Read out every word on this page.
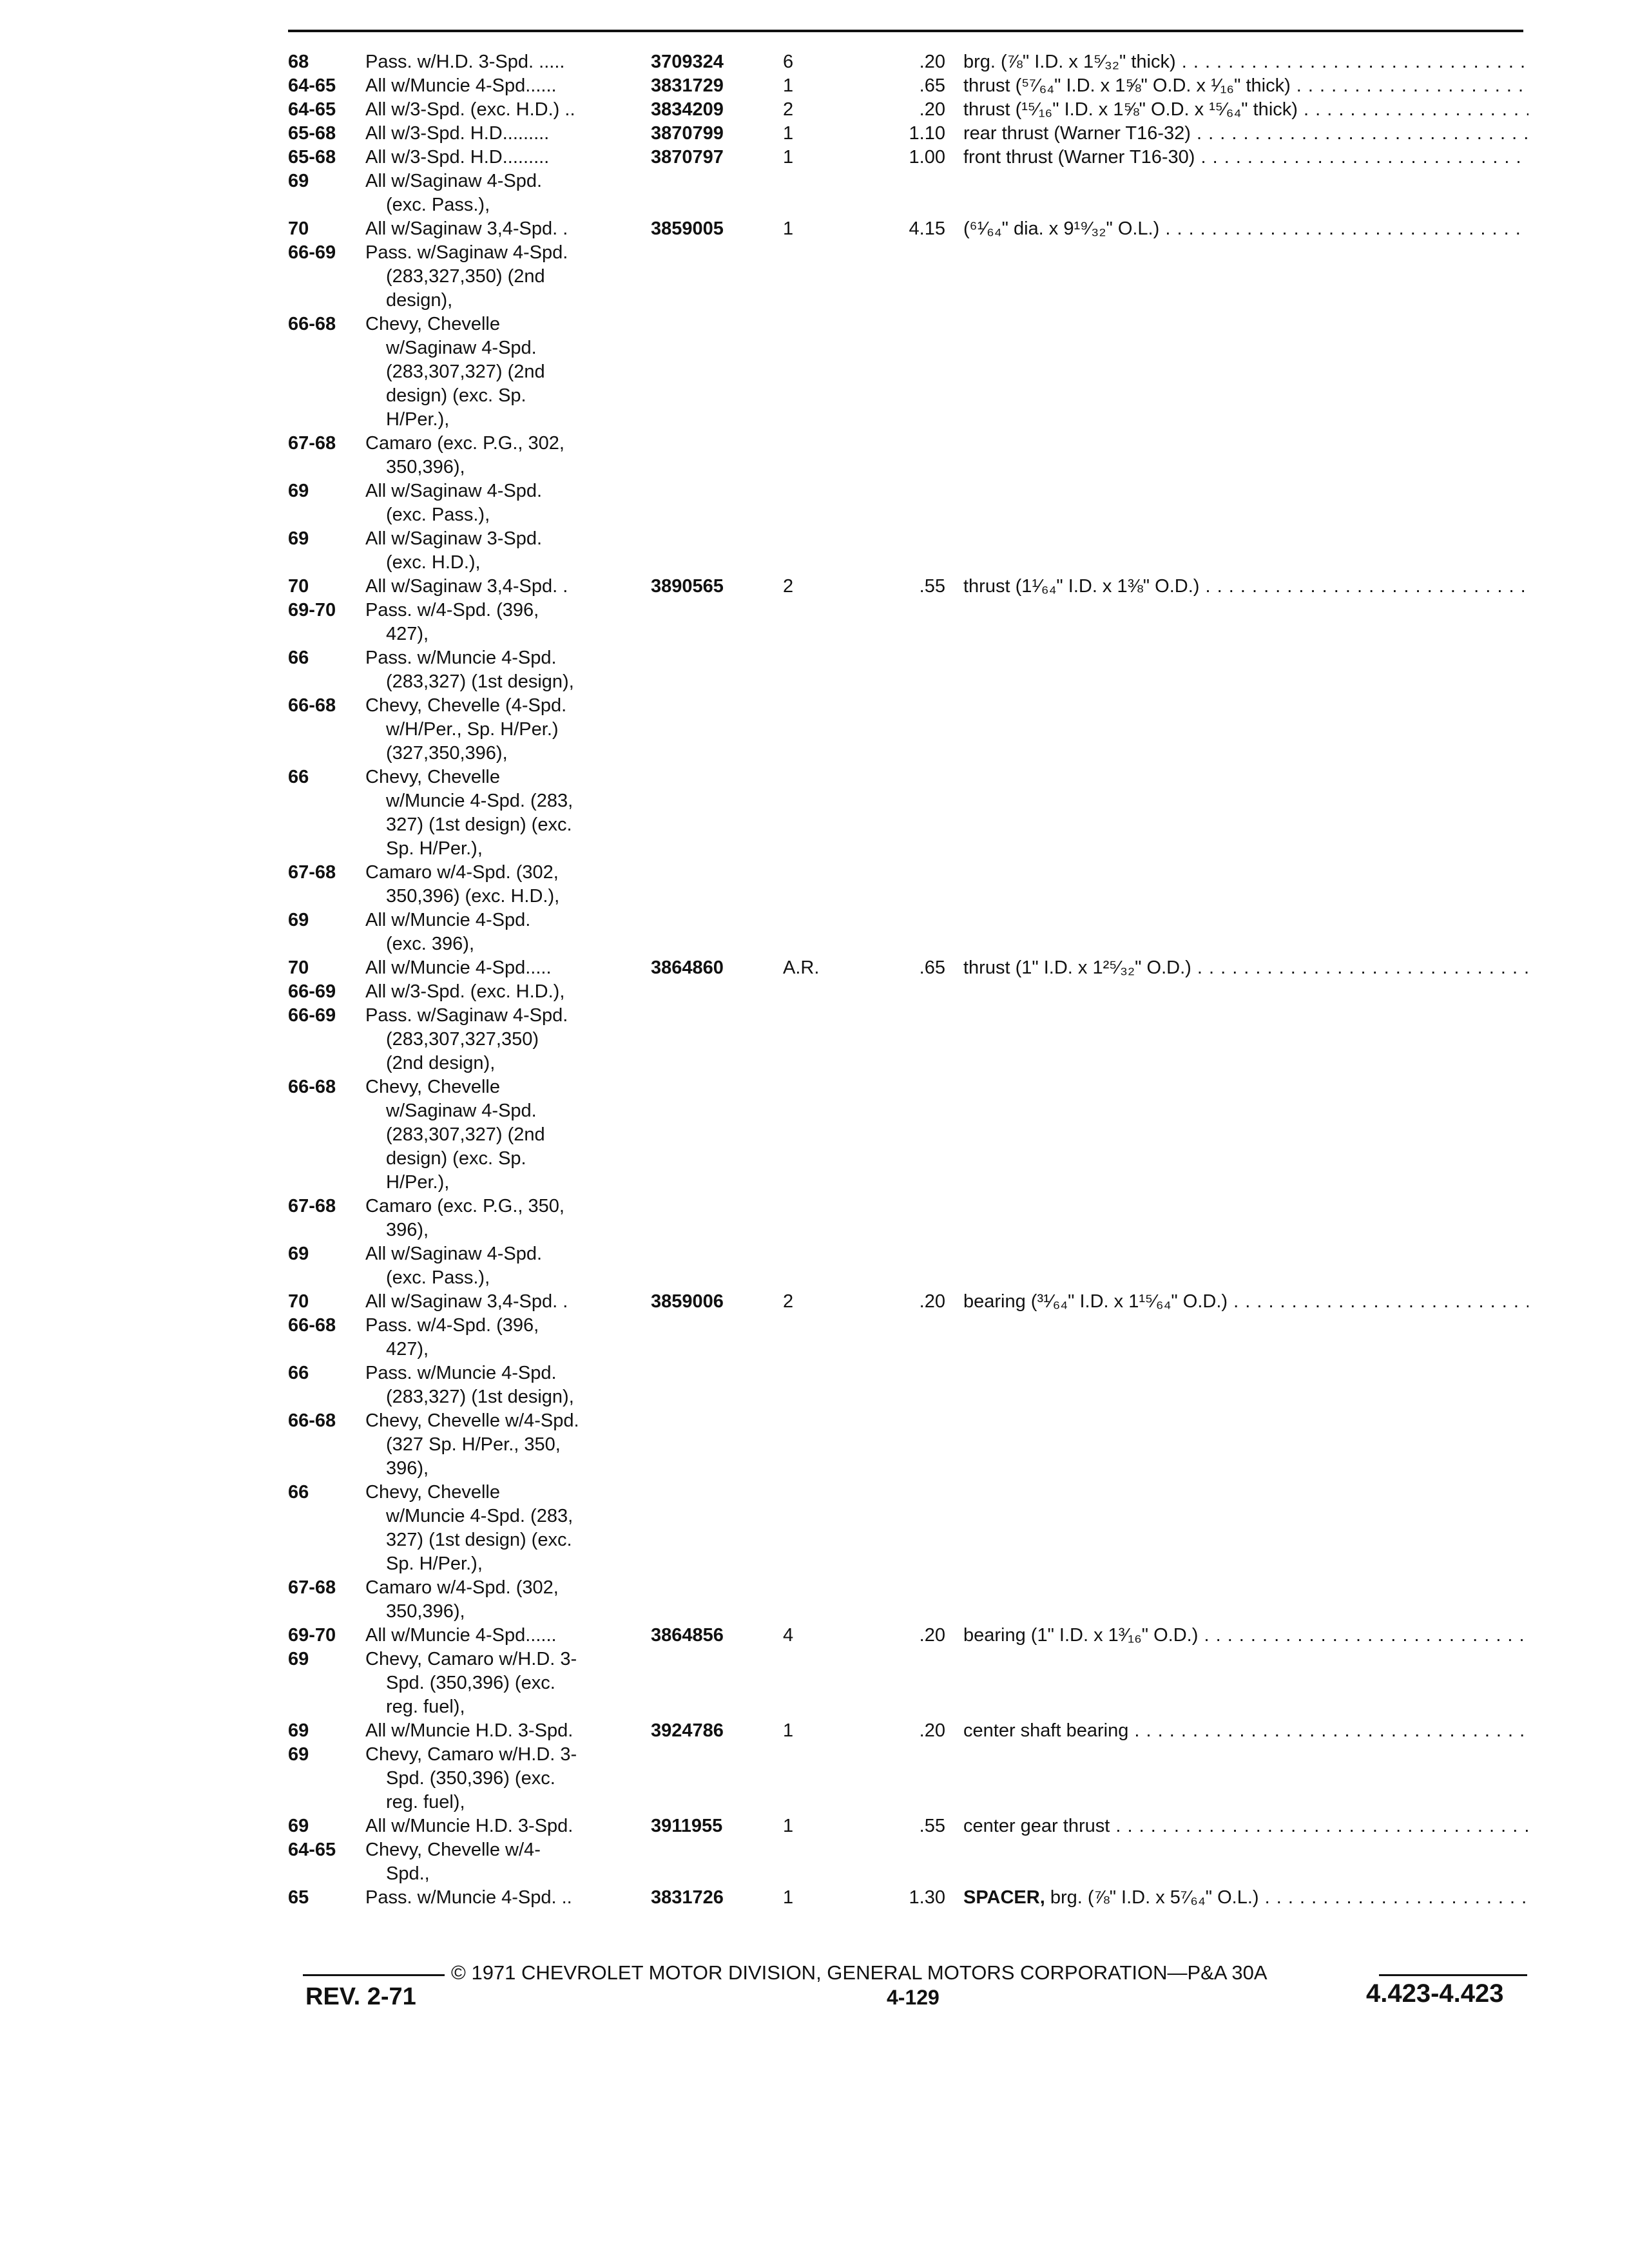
68	Pass. w/H.D. 3-Spd. .....	3709324	6	.20 brg. (⅞" I.D. x 1⁵⁄₃₂" thick) . . .
64-65 All w/Muncie 4-Spd......	3831729	1	.65 thrust (⁵⁷⁄₆₄" I.D. x 1⅝" O.D. x ¹⁄₁₆" thick) . . .
64-65 All w/3-Spd. (exc. H.D.) ..	3834209	2	.20 thrust (¹⁵⁄₁₆" I.D. x 1⅝" O.D. x ¹⁵⁄₆₄" thick) . . .
65-68 All w/3-Spd. H.D.........	3870799	1	1.10 rear thrust (Warner T16-32) . . .
65-68 All w/3-Spd. H.D.........	3870797	1	1.00 front thrust (Warner T16-30) . . .
69	All w/Saginaw 4-Spd.
(exc. Pass.),
70	All w/Saginaw 3,4-Spd. .	3859005	1	4.15 (⁶¹⁄₆₄" dia. x 9¹⁹⁄₃₂" O.L.) . . .
66-69 Pass. w/Saginaw 4-Spd.
(283,327,350) (2nd
design),
66-68 Chevy, Chevelle
w/Saginaw 4-Spd.
(283,307,327) (2nd
design) (exc. Sp.
H/Per.),
67-68 Camaro (exc. P.G., 302,
350,396),
69	All w/Saginaw 4-Spd.
(exc. Pass.),
69	All w/Saginaw 3-Spd.
(exc. H.D.),
70	All w/Saginaw 3,4-Spd. .	3890565	2	.55 thrust (1¹⁄₆₄" I.D. x 1⅜" O.D.) . . .
69-70 Pass. w/4-Spd. (396,
427),
66	Pass. w/Muncie 4-Spd.
(283,327) (1st design),
66-68 Chevy, Chevelle (4-Spd.
w/H/Per., Sp. H/Per.)
(327,350,396),
66	Chevy, Chevelle
w/Muncie 4-Spd. (283,
327) (1st design) (exc.
Sp. H/Per.),
67-68 Camaro w/4-Spd. (302,
350,396) (exc. H.D.),
69	All w/Muncie 4-Spd.
(exc. 396),
70	All w/Muncie 4-Spd.....	3864860	A.R.	.65 thrust (1" I.D. x 1²⁵⁄₃₂" O.D.) . . .
66-69 All w/3-Spd. (exc. H.D.),
66-69 Pass. w/Saginaw 4-Spd.
(283,307,327,350)
(2nd design),
66-68 Chevy, Chevelle
w/Saginaw 4-Spd.
(283,307,327) (2nd
design) (exc. Sp.
H/Per.),
67-68 Camaro (exc. P.G., 350,
396),
69	All w/Saginaw 4-Spd.
(exc. Pass.),
70	All w/Saginaw 3,4-Spd. .	3859006	2	.20 bearing (³¹⁄₆₄" I.D. x 1¹⁵⁄₆₄" O.D.) . . .
66-68 Pass. w/4-Spd. (396,
427),
66	Pass. w/Muncie 4-Spd.
(283,327) (1st design),
66-68 Chevy, Chevelle w/4-Spd.
(327 Sp. H/Per., 350,
396),
66	Chevy, Chevelle
w/Muncie 4-Spd. (283,
327) (1st design) (exc.
Sp. H/Per.),
67-68 Camaro w/4-Spd. (302,
350,396),
69-70 All w/Muncie 4-Spd......	3864856	4	.20 bearing (1" I.D. x 1³⁄₁₆" O.D.) . . .
69	Chevy, Camaro w/H.D. 3-
Spd. (350,396) (exc.
reg. fuel),
69	All w/Muncie H.D. 3-Spd.	3924786	1	.20 center shaft bearing . . .
69	Chevy, Camaro w/H.D. 3-
Spd. (350,396) (exc.
reg. fuel),
69	All w/Muncie H.D. 3-Spd.	3911955	1	.55 center gear thrust . . .
64-65 Chevy, Chevelle w/4-
Spd.,
65	Pass. w/Muncie 4-Spd. ..	3831726	1	1.30 SPACER, brg. (⅞" I.D. x 5⁷⁄₆₄" O.L.) . . .
© 1971 CHEVROLET MOTOR DIVISION, GENERAL MOTORS CORPORATION—P&A 30A
REV. 2-71	4-129	4.423-4.423
